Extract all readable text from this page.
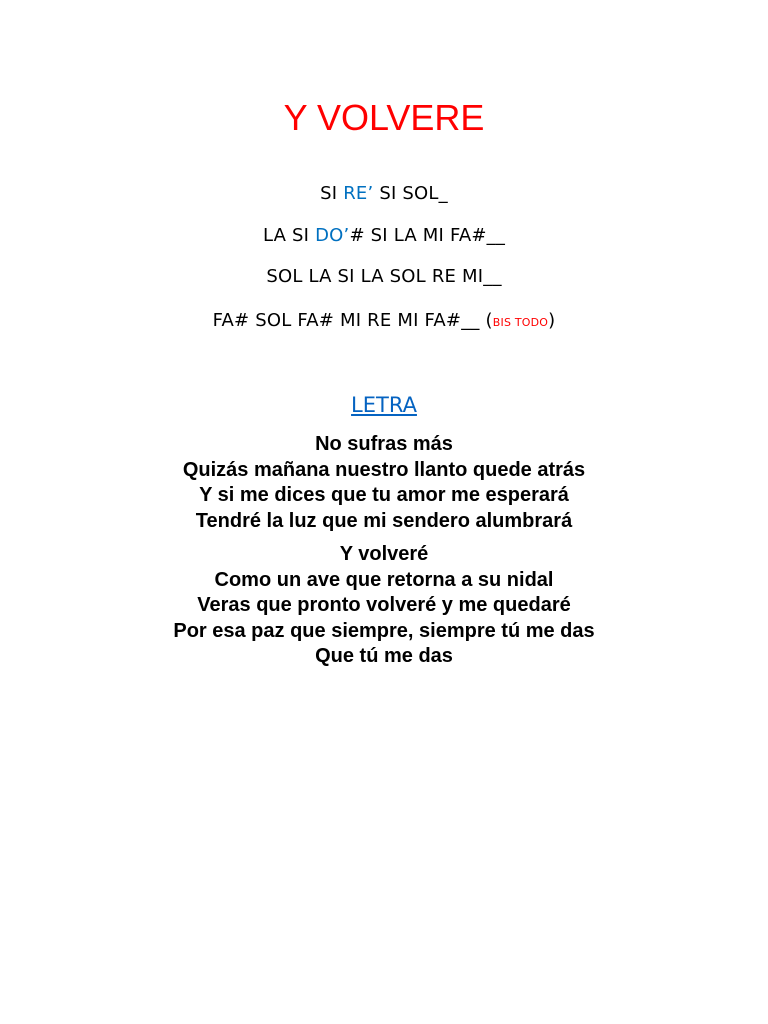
Y VOLVERE
SI RE’ SI SOL_
LA SI DO’# SI LA MI FA#__
SOL LA SI LA SOL RE MI__
FA# SOL FA# MI RE MI FA#__ (BIS TODO)
LETRA
No sufras más
Quizás mañana nuestro llanto quede atrás
Y si me dices que tu amor me esperará
Tendré la luz que mi sendero alumbrará
Y volveré
Como un ave que retorna a su nidal
Veras que pronto volveré y me quedaré
Por esa paz que siempre, siempre tú me das
Que tú me das
